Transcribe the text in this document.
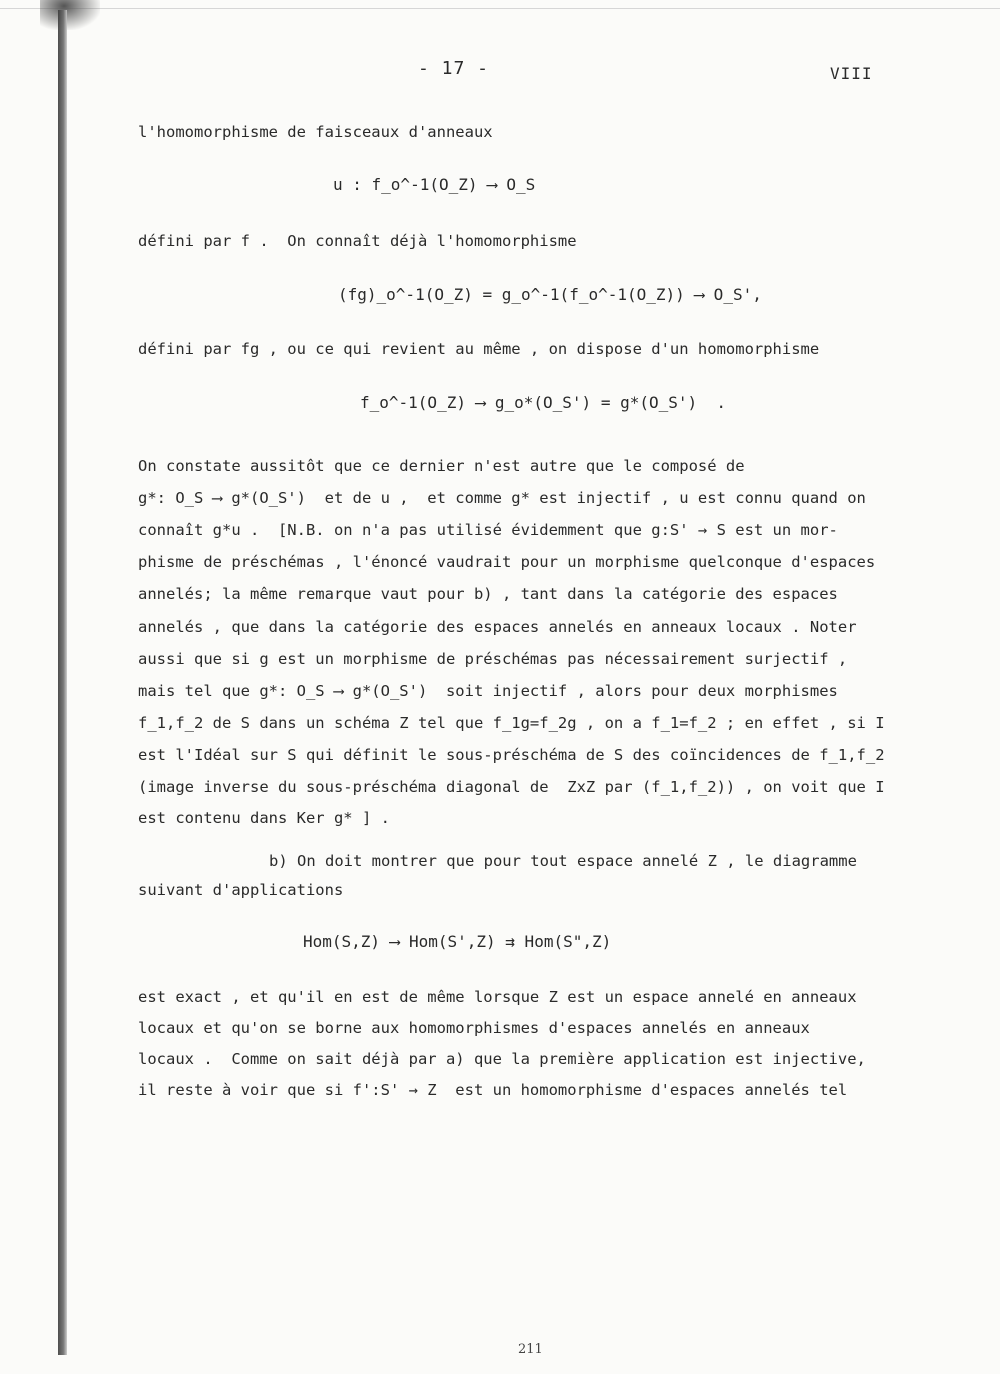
- 17 -	VIII
l'homomorphisme de faisceaux d'anneaux
u : f_o^-1(O_Z) ⟶ O_S
défini par f .  On connaît déjà l'homomorphisme
(fg)_o^-1(O_Z) = g_o^-1(f_o^-1(O_Z)) ⟶ O_S',
défini par fg , ou ce qui revient au même , on dispose d'un homomorphisme
f_o^-1(O_Z) ⟶ g_o*(O_S') = g*(O_S')  .
On constate aussitôt que ce dernier n'est autre que le composé de
g*: O_S ⟶ g*(O_S')  et de u ,  et comme g* est injectif , u est connu quand on
connaît g*u .  [N.B. on n'a pas utilisé évidemment que g:S' → S est un mor-
phisme de préschémas , l'énoncé vaudrait pour un morphisme quelconque d'espaces
annelés; la même remarque vaut pour b) , tant dans la catégorie des espaces
annelés , que dans la catégorie des espaces annelés en anneaux locaux . Noter
aussi que si g est un morphisme de préschémas pas nécessairement surjectif ,
mais tel que g*: O_S ⟶ g*(O_S')  soit injectif , alors pour deux morphismes
f_1,f_2 de S dans un schéma Z tel que f_1g=f_2g , on a f_1=f_2 ; en effet , si I
est l'Idéal sur S qui définit le sous-préschéma de S des coïncidences de f_1,f_2
(image inverse du sous-préschéma diagonal de  ZxZ par (f_1,f_2)) , on voit que I
est contenu dans Ker g* ] .
b) On doit montrer que pour tout espace annelé Z , le diagramme
suivant d'applications
Hom(S,Z) ⟶ Hom(S',Z) ⇉ Hom(S",Z)
est exact , et qu'il en est de même lorsque Z est un espace annelé en anneaux
locaux et qu'on se borne aux homomorphismes d'espaces annelés en anneaux
locaux .  Comme on sait déjà par a) que la première application est injective,
il reste à voir que si f':S' → Z  est un homomorphisme d'espaces annelés tel
211
